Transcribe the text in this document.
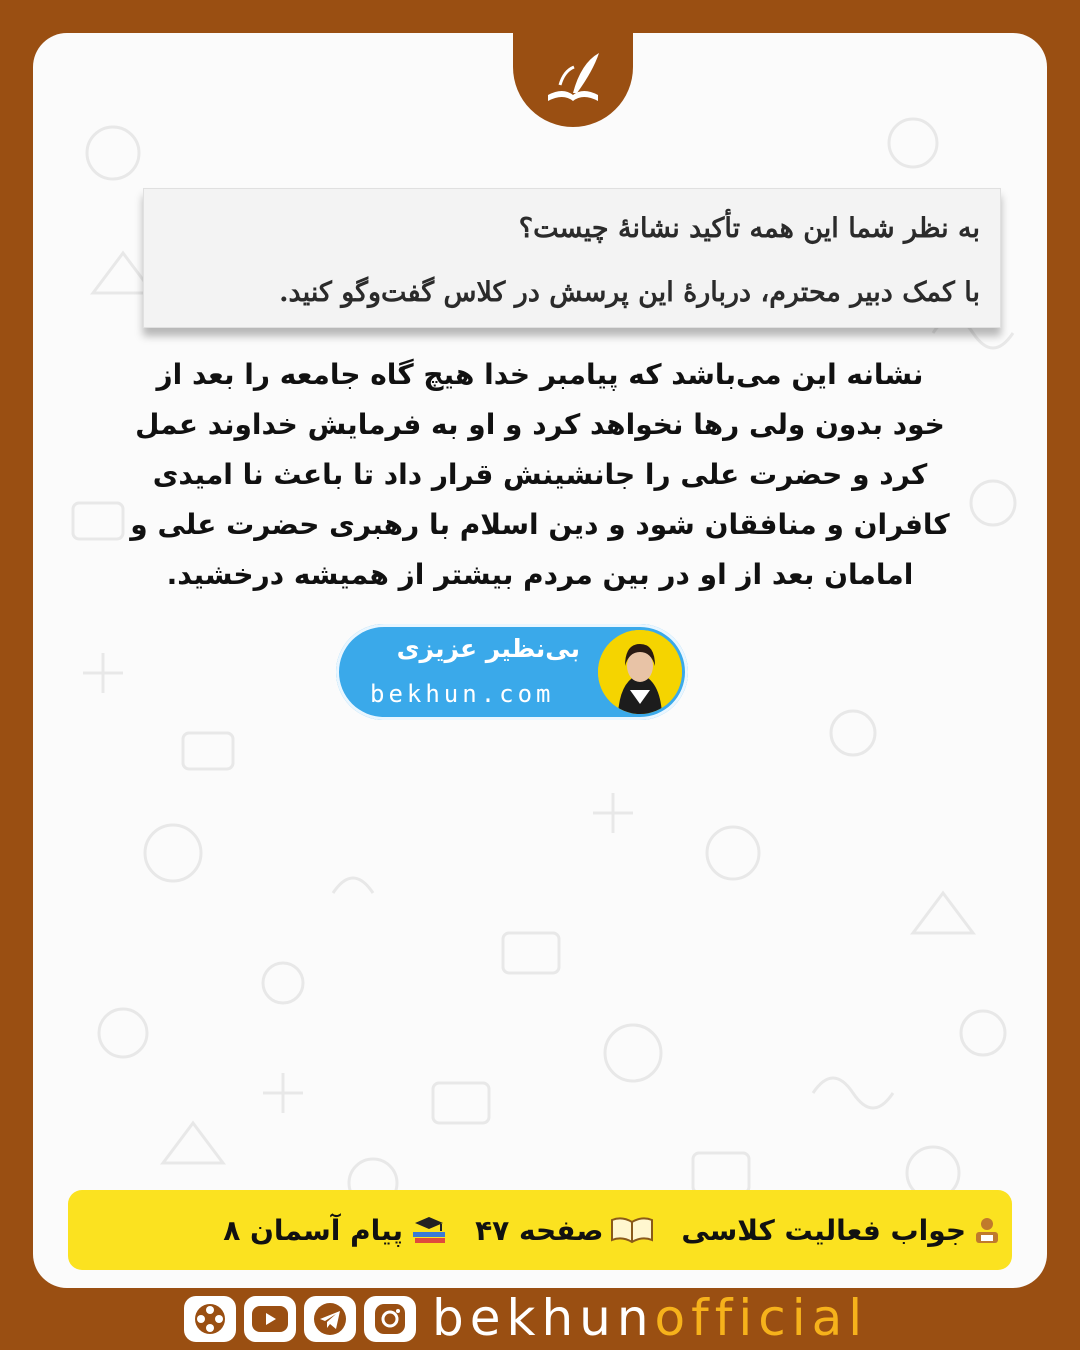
به نظر شما این همه تأکید نشانهٔ چیست؟
با کمک دبیر محترم، دربارهٔ این پرسش در کلاس گفت‌وگو کنید.
نشانه این می‌باشد که پیامبر خدا هیچ گاه جامعه را بعد از
خود بدون ولی رها نخواهد کرد و او به فرمایش خداوند عمل
کرد و حضرت علی را جانشینش قرار داد تا باعث نا امیدی
کافران و منافقان شود و دین اسلام با رهبری حضرت علی و
امامان بعد از او در بین مردم بیشتر از همیشه درخشید.
بی‌نظیر عزیزی
bekhun.com
جواب فعالیت کلاسی
صفحه ۴۷
پیام آسمان ۸
bekhunofficial
